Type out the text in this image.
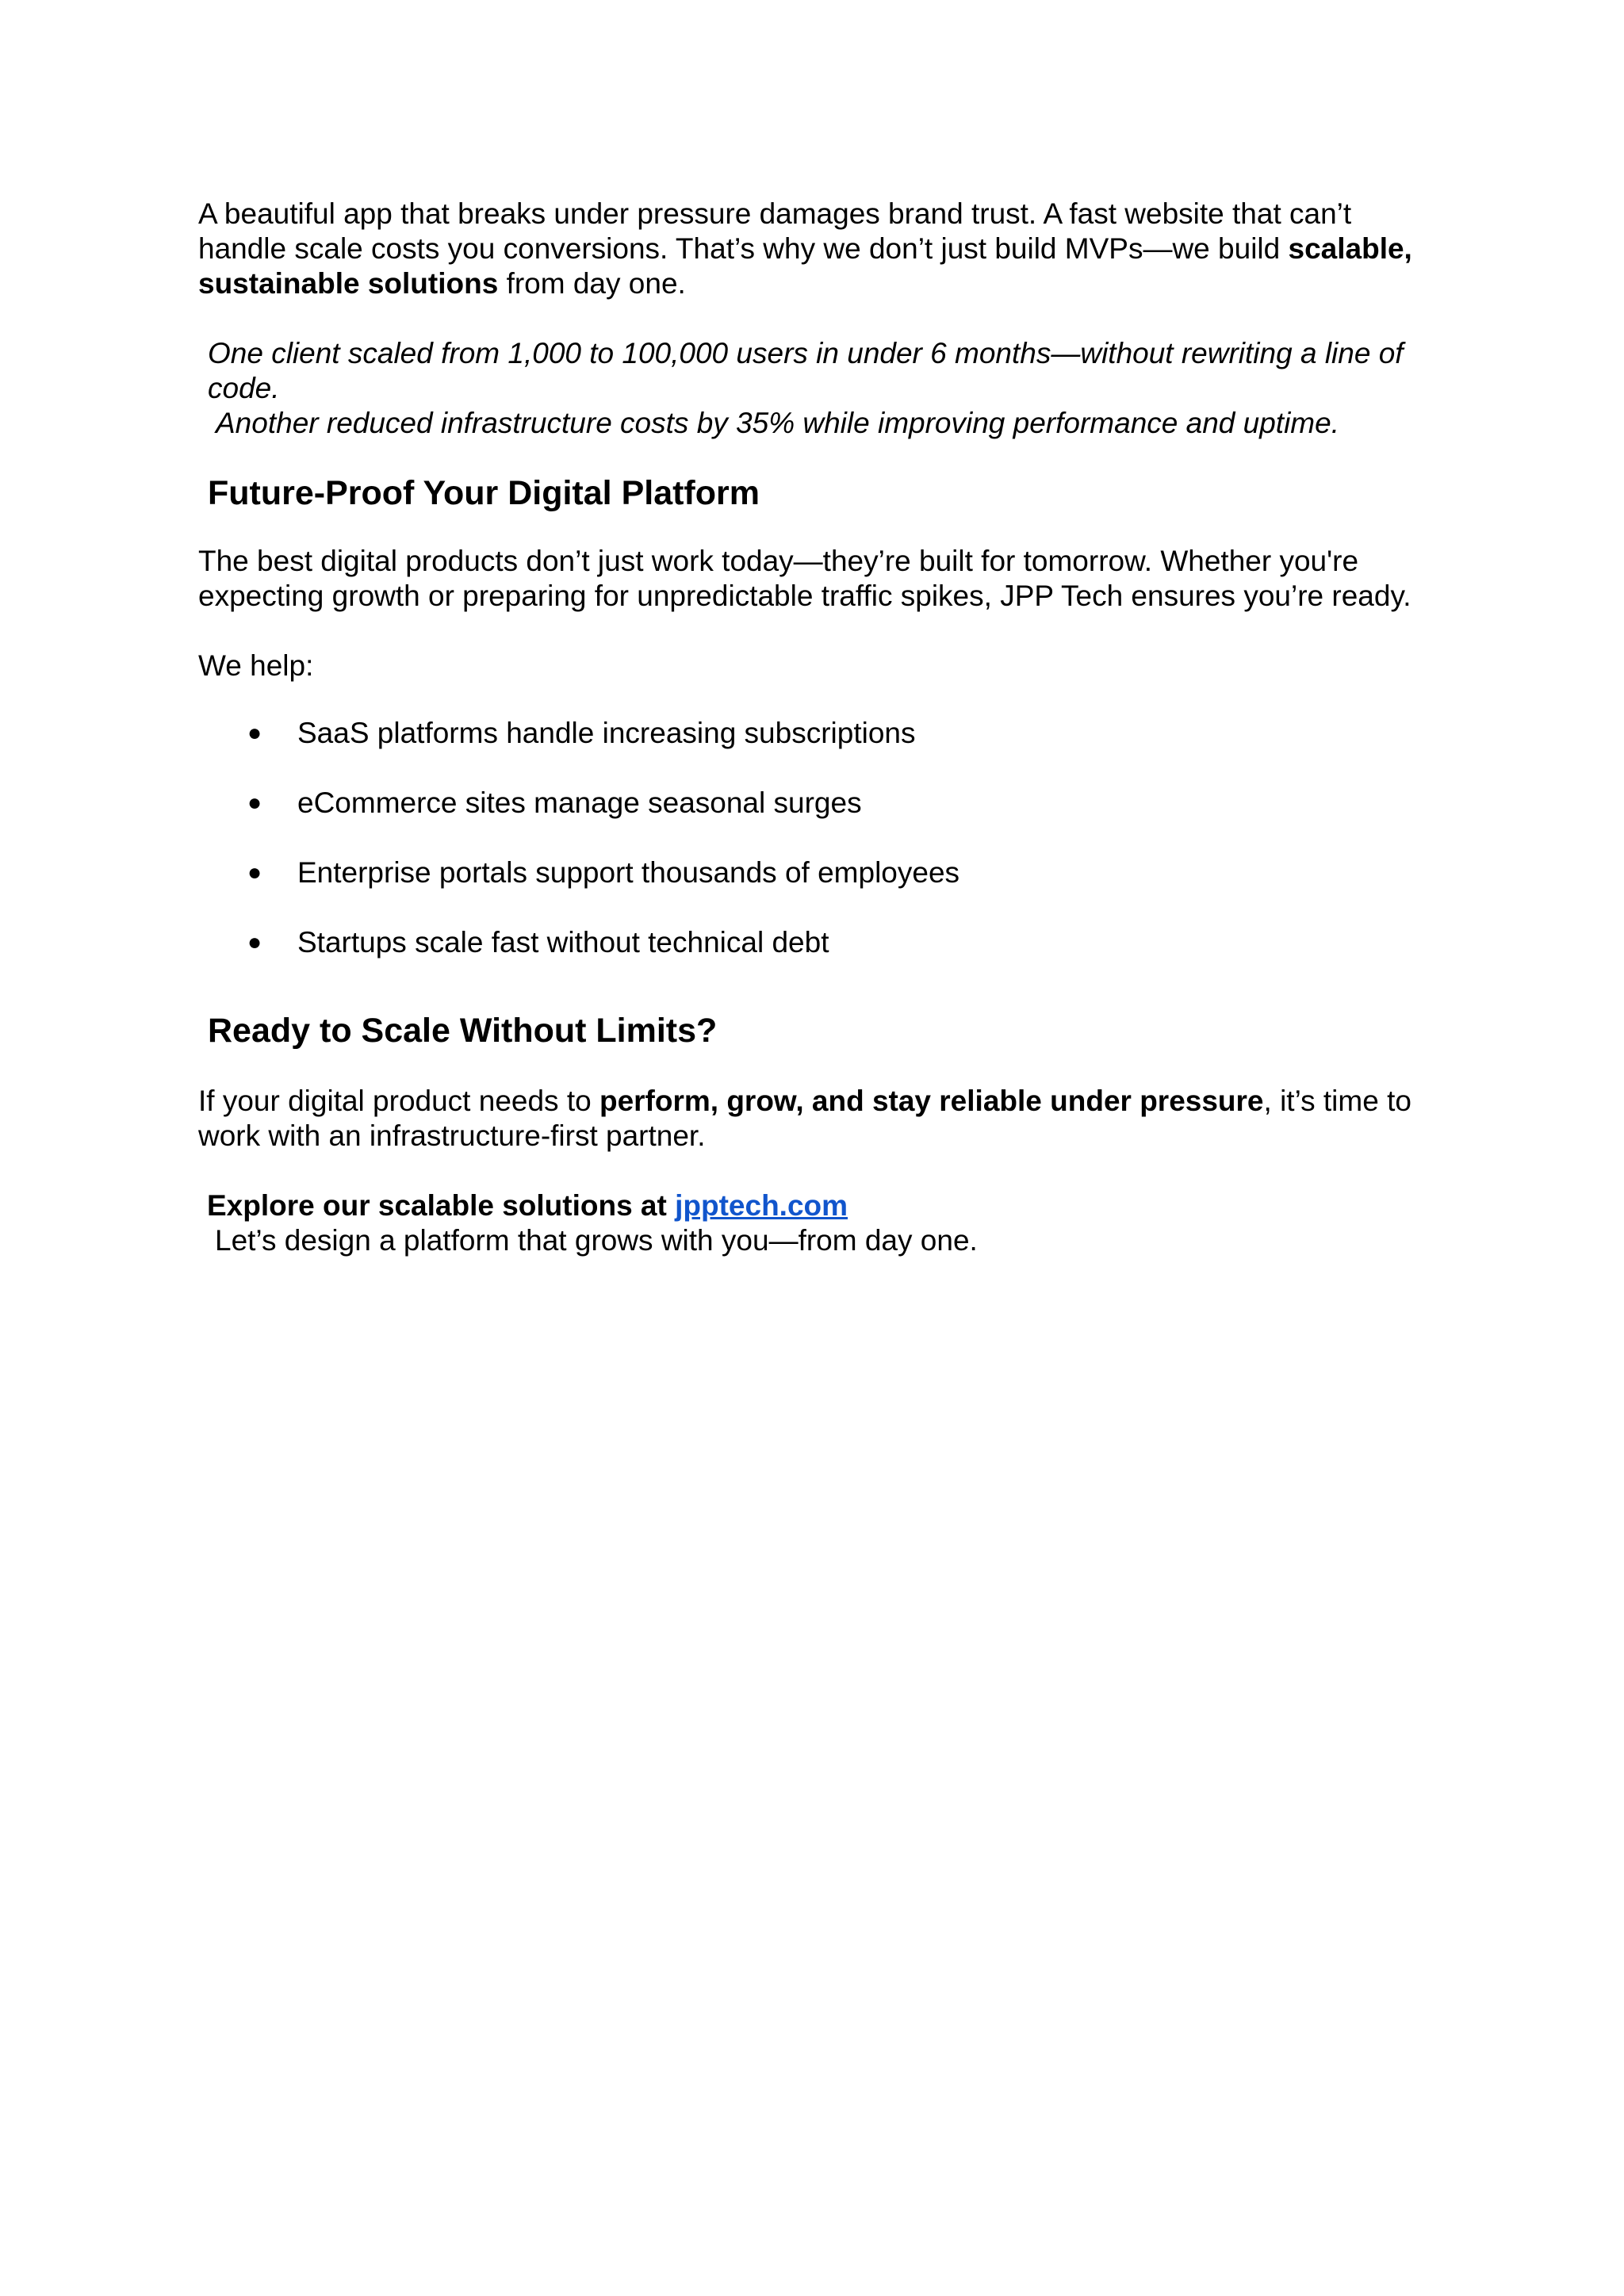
A beautiful app that breaks under pressure damages brand trust. A fast website that can’t handle scale costs you conversions. That’s why we don’t just build MVPs—we build scalable, sustainable solutions from day one.

One client scaled from 1,000 to 100,000 users in under 6 months—without rewriting a line of code.

Another reduced infrastructure costs by 35% while improving performance and uptime.

Future-Proof Your Digital Platform

The best digital products don’t just work today—they’re built for tomorrow. Whether you're expecting growth or preparing for unpredictable traffic spikes, JPP Tech ensures you’re ready.

We help:

● SaaS platforms handle increasing subscriptions
● eCommerce sites manage seasonal surges
● Enterprise portals support thousands of employees
● Startups scale fast without technical debt
Ready to Scale Without Limits?

If your digital product needs to perform, grow, and stay reliable under pressure, it’s time to work with an infrastructure-first partner.

Explore our scalable solutions at jpptech.com

Let’s design a platform that grows with you—from day one.
